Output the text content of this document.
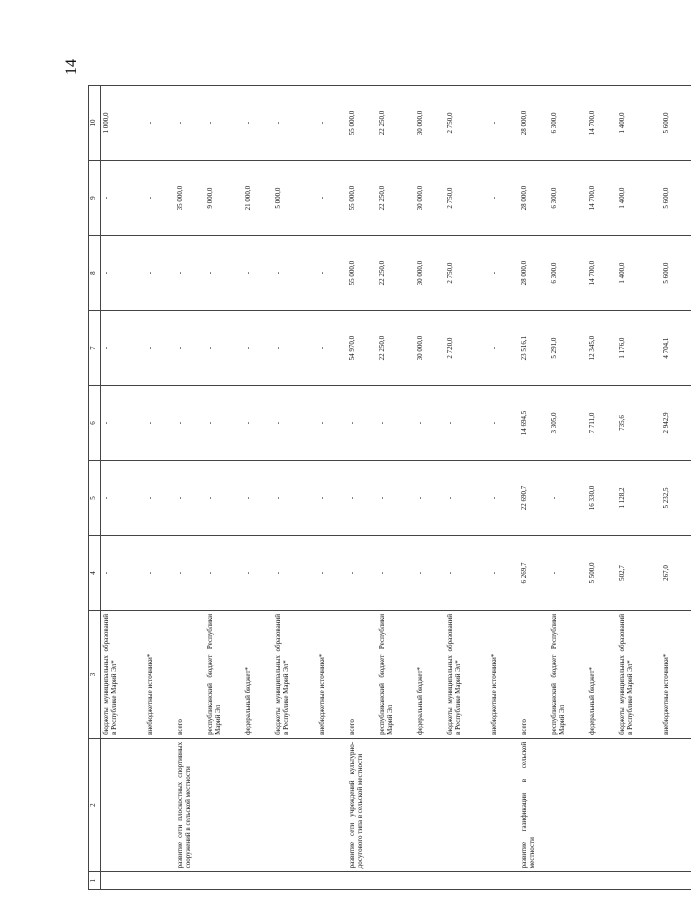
14
1	2	3	4	5	6	7	8	9	10
		бюджеты муниципальных образований в Республике Марий Эл*	-	-	-	-	-	-	1 000,0
		внебюджетные источники*	-	-	-	-	-	-	-
	развитие сети плоскостных спортивных сооружений в сельской местности	всего	-	-	-	-	-	35 000,0	-
		республиканский бюджет Республики Марий Эл	-	-	-	-	-	9 000,0	-
		федеральный бюджет*	-	-	-	-	-	21 000,0	-
		бюджеты муниципальных образований в Республике Марий Эл*	-	-	-	-	-	5 000,0	-
		внебюджетные источники*	-	-	-	-	-	-	-
	развитие сети учреждений культурно-досугового типа в сельской местности	всего	-	-	-	54 970,0	55 000,0	55 000,0	55 000,0
		республиканский бюджет Республики Марий Эл	-	-	-	22 250,0	22 250,0	22 250,0	22 250,0
		федеральный бюджет*	-	-	-	30 000,0	30 000,0	30 000,0	30 000,0
		бюджеты муниципальных образований в Республике Марий Эл*	-	-	-	2 720,0	2 750,0	2 750,0	2 750,0
		внебюджетные источники*	-	-	-	-	-	-	-
	развитие газификации в сельской местности	всего	6 269,7	22 690,7	14 694,5	23 516,1	28 000,0	28 000,0	28 000,0
		республиканский бюджет Республики Марий Эл	-	-	3 305,0	5 291,0	6 300,0	6 300,0	6 300,0
		федеральный бюджет*	5 500,0	16 330,0	7 711,0	12 345,0	14 700,0	14 700,0	14 700,0
		бюджеты муниципальных образований в Республике Марий Эл*	502,7	1 128,2	735,6	1 176,0	1 400,0	1 400,0	1 400,0
		внебюджетные источники*	267,0	5 232,5	2 942,9	4 704,1	5 600,0	5 600,0	5 600,0
